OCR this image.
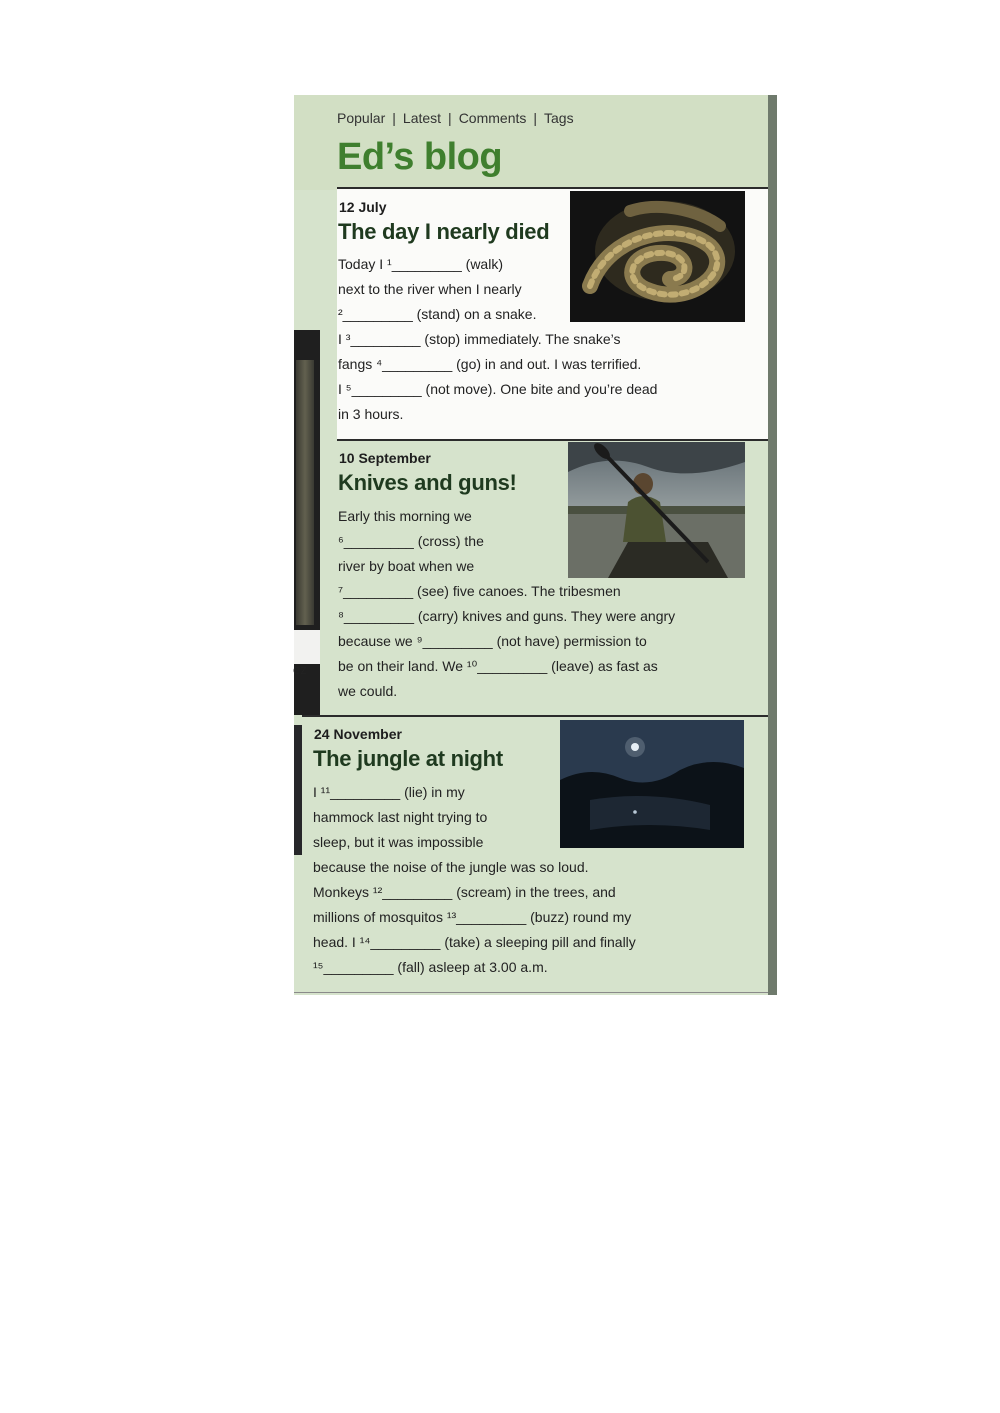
Popular | Latest | Comments | Tags
Ed’s blog
12 July
The day I nearly died
Today I ¹_________ (walk)
next to the river when I nearly
²_________ (stand) on a snake.
I ³_________ (stop) immediately. The snake’s
fangs ⁴_________ (go) in and out. I was terrified.
I ⁵_________ (not move). One bite and you’re dead
in 3 hours.
10 September
Knives and guns!
Early this morning we
⁶_________ (cross) the
river by boat when we
⁷_________ (see) five canoes. The tribesmen
⁸_________ (carry) knives and guns. They were angry
because we ⁹_________ (not have) permission to
be on their land. We ¹⁰_________ (leave) as fast as
we could.
ez
24 November
The jungle at night
I ¹¹_________ (lie) in my
hammock last night trying to
sleep, but it was impossible
because the noise of the jungle was so loud.
Monkeys ¹²_________ (scream) in the trees, and
millions of mosquitos ¹³_________ (buzz) round my
head. I ¹⁴_________ (take) a sleeping pill and finally
¹⁵_________ (fall) asleep at 3.00 a.m.
